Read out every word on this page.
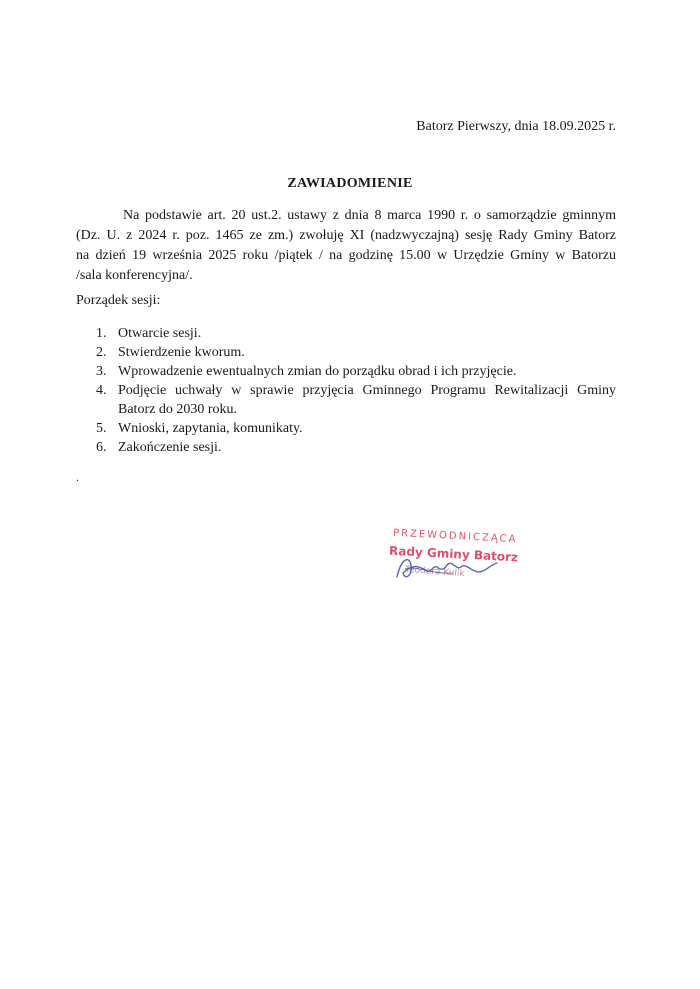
Batorz Pierwszy, dnia 18.09.2025 r.
ZAWIADOMIENIE
Na podstawie art. 20 ust.2. ustawy z dnia 8 marca 1990 r. o samorządzie gminnym
(Dz. U. z 2024 r. poz. 1465 ze zm.) zwołuję XI (nadzwyczajną) sesję Rady Gminy Batorz
na dzień 19 września 2025 roku /piątek / na godzinę 15.00 w Urzędzie Gminy w Batorzu
/sala konferencyjna/.
Porządek sesji:
1. Otwarcie sesji.
2. Stwierdzenie kworum.
3. Wprowadzenie ewentualnych zmian do porządku obrad i ich przyjęcie.
4. Podjęcie uchwały w sprawie przyjęcia Gminnego Programu Rewitalizacji Gminy
Batorz do 2030 roku.
5. Wnioski, zapytania, komunikaty.
6. Zakończenie sesji.
.
PRZEWODNICZĄCA
Rady Gminy Batorz
Teodora Kulik
